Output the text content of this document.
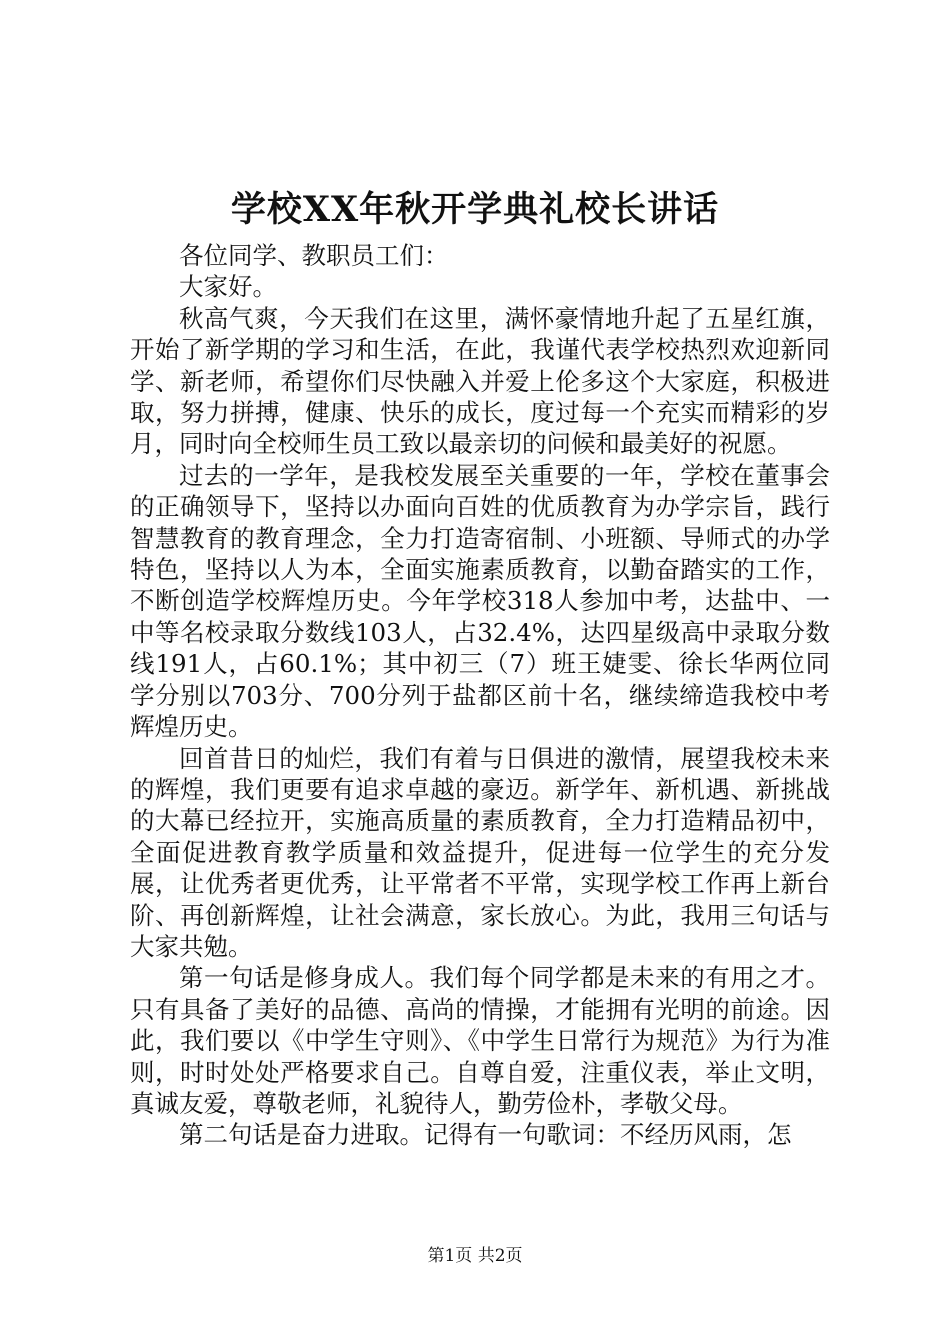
学校XX年秋开学典礼校长讲话

各位同学、教职员工们：

大家好。

秋高气爽，今天我们在这里，满怀豪情地升起了五星红旗，开始了新学期的学习和生活，在此，我谨代表学校热烈欢迎新同学、新老师，希望你们尽快融入并爱上伦多这个大家庭，积极进取，努力拼搏，健康、快乐的成长，度过每一个充实而精彩的岁月，同时向全校师生员工致以最亲切的问候和最美好的祝愿。

过去的一学年，是我校发展至关重要的一年，学校在董事会的正确领导下，坚持以办面向百姓的优质教育为办学宗旨，践行智慧教育的教育理念，全力打造寄宿制、小班额、导师式的办学特色，坚持以人为本，全面实施素质教育，以勤奋踏实的工作，不断创造学校辉煌历史。今年学校318人参加中考，达盐中、一中等名校录取分数线103人，占32.4%，达四星级高中录取分数线191人，占60.1%；其中初三（7）班王婕雯、徐长华两位同学分别以703分、700分列于盐都区前十名，继续缔造我校中考辉煌历史。

回首昔日的灿烂，我们有着与日俱进的激情，展望我校未来的辉煌，我们更要有追求卓越的豪迈。新学年、新机遇、新挑战的大幕已经拉开，实施高质量的素质教育，全力打造精品初中，全面促进教育教学质量和效益提升，促进每一位学生的充分发展，让优秀者更优秀，让平常者不平常，实现学校工作再上新台阶、再创新辉煌，让社会满意，家长放心。为此，我用三句话与大家共勉。

第一句话是修身成人。我们每个同学都是未来的有用之才。只有具备了美好的品德、高尚的情操，才能拥有光明的前途。因此，我们要以《中学生守则》、《中学生日常行为规范》为行为准则，时时处处严格要求自己。自尊自爱，注重仪表，举止文明，真诚友爱，尊敬老师，礼貌待人，勤劳俭朴，孝敬父母。

第二句话是奋力进取。记得有一句歌词：不经历风雨，怎

第1页 共2页
